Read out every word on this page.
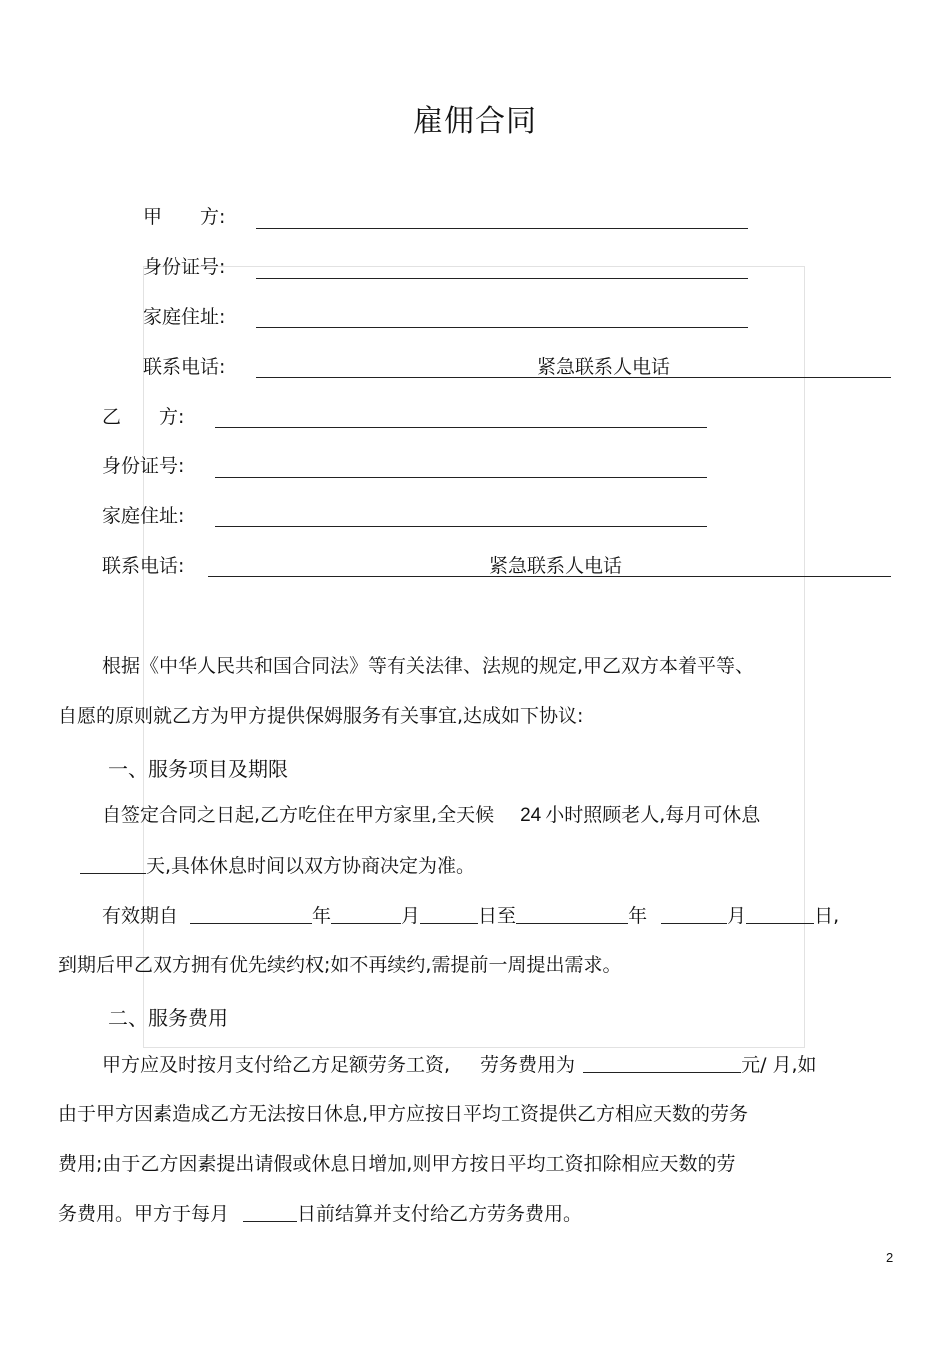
雇佣合同
甲　　方:
身份证号:
家庭住址:
联系电话:	紧急联系人电话
乙　　方:
身份证号:
家庭住址:
联系电话:	紧急联系人电话
根据《中华人民共和国合同法》等有关法律、法规的规定,甲乙双方本着平等、
自愿的原则就乙方为甲方提供保姆服务有关事宜,达成如下协议:
一、服务项目及期限
自签定合同之日起,乙方吃住在甲方家里,全天候 24 小时照顾老人,每月可休息
天,具体休息时间以双方协商决定为准。
有效期自	年	月	日至	年	月	日,
到期后甲乙双方拥有优先续约权;如不再续约,需提前一周提出需求。
二、服务费用
甲方应及时按月支付给乙方足额劳务工资, 劳务费用为	元/ 月,如
由于甲方因素造成乙方无法按日休息,甲方应按日平均工资提供乙方相应天数的劳务
费用;由于乙方因素提出请假或休息日增加,则甲方按日平均工资扣除相应天数的劳
务费用。甲方于每月	日前结算并支付给乙方劳务费用。
2
